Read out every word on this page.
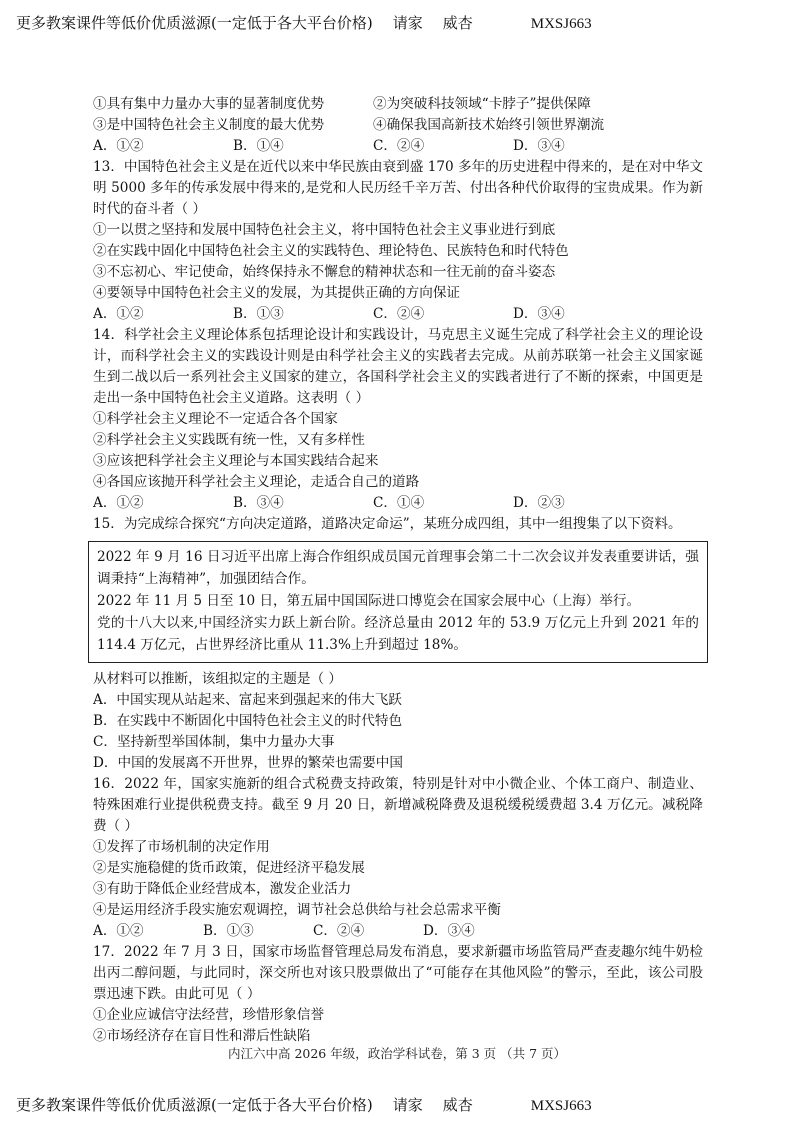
更多教案课件等低价优质滋源(一定低于各大平台价格) 请家 威杏	MXSJ663
①具有集中力量办大事的显著制度优势	②为突破科技领域“卡脖子”提供保障
③是中国特色社会主义制度的最大优势	④确保我国高新技术始终引领世界潮流
A．①②	B．①④	C．②④	D．③④
13．中国特色社会主义是在近代以来中华民族由衰到盛 170 多年的历史进程中得来的，是在对中华文明 5000 多年的传承发展中得来的,是党和人民历经千辛万苦、付出各种代价取得的宝贵成果。作为新时代的奋斗者（ ）
①一以贯之坚持和发展中国特色社会主义，将中国特色社会主义事业进行到底
②在实践中固化中国特色社会主义的实践特色、理论特色、民族特色和时代特色
③不忘初心、牢记使命，始终保持永不懈怠的精神状态和一往无前的奋斗姿态
④要领导中国特色社会主义的发展，为其提供正确的方向保证
A．①②	B．①③	C．②④	D．③④
14．科学社会主义理论体系包括理论设计和实践设计，马克思主义诞生完成了科学社会主义的理论设计，而科学社会主义的实践设计则是由科学社会主义的实践者去完成。从前苏联第一社会主义国家诞生到二战以后一系列社会主义国家的建立，各国科学社会主义的实践者进行了不断的探索，中国更是走出一条中国特色社会主义道路。这表明（ ）
①科学社会主义理论不一定适合各个国家
②科学社会主义实践既有统一性，又有多样性
③应该把科学社会主义理论与本国实践结合起来
④各国应该抛开科学社会主义理论，走适合自己的道路
A．①②	B．③④	C．①④	D．②③
15．为完成综合探究“方向决定道路，道路决定命运”，某班分成四组，其中一组搜集了以下资料。

2022 年 9 月 16 日习近平出席上海合作组织成员国元首理事会第二十二次会议并发表重要讲话，强调秉持“上海精神”，加强团结合作。

2022 年 11 月 5 日至 10 日，第五届中国国际进口博览会在国家会展中心（上海）举行。

党的十八大以来,中国经济实力跃上新台阶。经济总量由 2012 年的 53.9 万亿元上升到 2021 年的 114.4 万亿元，占世界经济比重从 11.3%上升到超过 18%。

从材料可以推断，该组拟定的主题是（ ）
A．中国实现从站起来、富起来到强起来的伟大飞跃
B．在实践中不断固化中国特色社会主义的时代特色
C．坚持新型举国体制，集中力量办大事
D．中国的发展离不开世界，世界的繁荣也需要中国
16．2022 年，国家实施新的组合式税费支持政策，特别是针对中小微企业、个体工商户、制造业、特殊困难行业提供税费支持。截至 9 月 20 日，新增减税降费及退税缓税缓费超 3.4 万亿元。减税降费（ ）
①发挥了市场机制的决定作用
②是实施稳健的货币政策，促进经济平稳发展
③有助于降低企业经营成本，激发企业活力
④是运用经济手段实施宏观调控，调节社会总供给与社会总需求平衡
A．①②	B．①③	C．②④	D．③④
17．2022 年 7 月 3 日，国家市场监督管理总局发布消息，要求新疆市场监管局严查麦趣尔纯牛奶检出丙二醇问题，与此同时，深交所也对该只股票做出了“可能存在其他风险”的警示，至此，该公司股票迅速下跌。由此可见（ ）
①企业应诚信守法经营，珍惜形象信誉
②市场经济存在盲目性和滞后性缺陷
内江六中高 2026 年级，政治学科试卷，第 3 页 （共 7 页）
更多教案课件等低价优质滋源(一定低于各大平台价格) 请家 威杏	MXSJ663
